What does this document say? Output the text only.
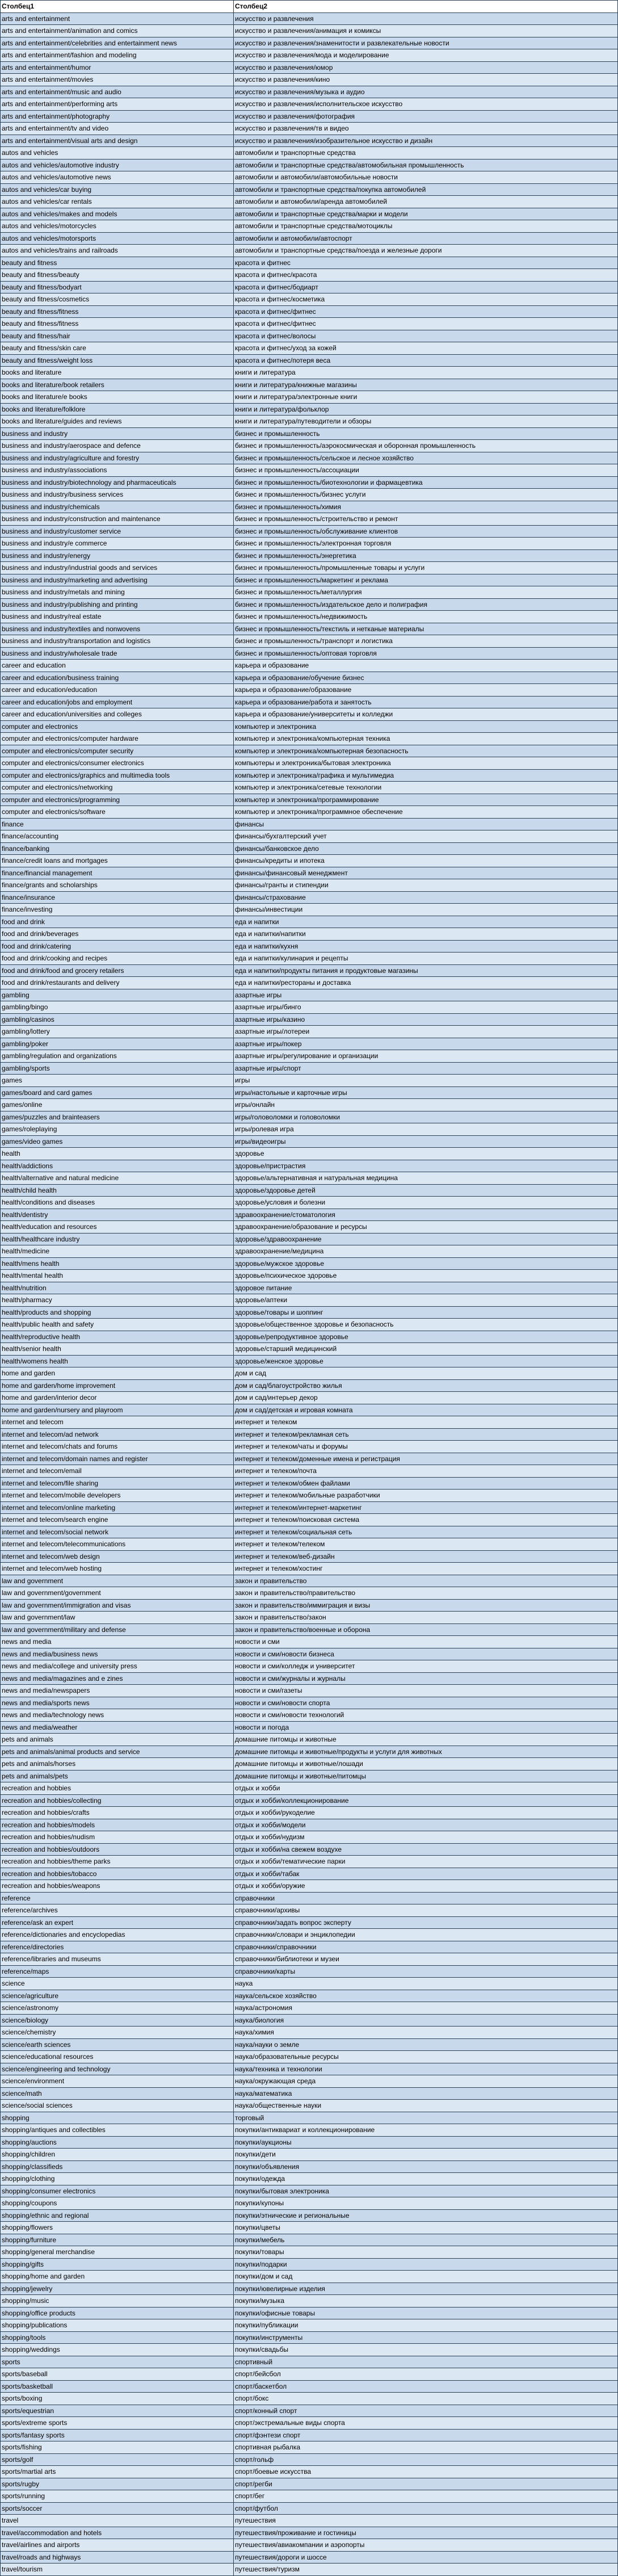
Столбец1	Столбец2
arts and entertainment	искусство и развлечения
arts and entertainment/animation and comics	искусство и развлечения/анимация и комиксы
arts and entertainment/celebrities and entertainment news	искусство и развлечения/знаменитости и развлекательные новости
arts and entertainment/fashion and modeling	искусство и развлечения/мода и моделирование
arts and entertainment/humor	искусство и развлечения/юмор
arts and entertainment/movies	искусство и развлечения/кино
arts and entertainment/music and audio	искусство и развлечения/музыка и аудио
arts and entertainment/performing arts	искусство и развлечения/исполнительское искусство
arts and entertainment/photography	искусство и развлечения/фотография
arts and entertainment/tv and video	искусство и развлечения/тв и видео
arts and entertainment/visual arts and design	искусство и развлечения/изобразительное искусство и дизайн
autos and vehicles	автомобили и транспортные средства
autos and vehicles/automotive industry	автомобили и транспортные средства/автомобильная промышленность
autos and vehicles/automotive news	автомобили и автомобили/автомобильные новости
autos and vehicles/car buying	автомобили и транспортные средства/покупка автомобилей
autos and vehicles/car rentals	автомобили и автомобили/аренда автомобилей
autos and vehicles/makes and models	автомобили и транспортные средства/марки и модели
autos and vehicles/motorcycles	автомобили и транспортные средства/мотоциклы
autos and vehicles/motorsports	автомобили и автомобили/автоспорт
autos and vehicles/trains and railroads	автомобили и транспортные средства/поезда и железные дороги
beauty and fitness	красота и фитнес
beauty and fitness/beauty	красота и фитнес/красота
beauty and fitness/bodyart	красота и фитнес/бодиарт
beauty and fitness/cosmetics	красота и фитнес/косметика
beauty and fitness/fitness	красота и фитнес/фитнес
beauty and fitness/fitness	красота и фитнес/фитнес
beauty and fitness/hair	красота и фитнес/волосы
beauty and fitness/skin care	красота и фитнес/уход за кожей
beauty and fitness/weight loss	красота и фитнес/потеря веса
books and literature	книги и литература
books and literature/book retailers	книги и литература/книжные магазины
books and literature/e books	книги и литература/электронные книги
books and literature/folklore	книги и литература/фольклор
books and literature/guides and reviews	книги и литература/путеводители и обзоры
business and industry	бизнес и промышленность
business and industry/aerospace and defence	бизнес и промышленность/аэрокосмическая и оборонная промышленность
business and industry/agriculture and forestry	бизнес и промышленность/сельское и лесное хозяйство
business and industry/associations	бизнес и промышленность/ассоциации
business and industry/biotechnology and pharmaceuticals	бизнес и промышленность/биотехнологии и фармацевтика
business and industry/business services	бизнес и промышленность/бизнес услуги
business and industry/chemicals	бизнес и промышленность/химия
business and industry/construction and maintenance	бизнес и промышленность/строительство и ремонт
business and industry/customer service	бизнес и промышленность/обслуживание клиентов
business and industry/e commerce	бизнес и промышленность/электронная торговля
business and industry/energy	бизнес и промышленность/энергетика
business and industry/industrial goods and services	бизнес и промышленность/промышленные товары и услуги
business and industry/marketing and advertising	бизнес и промышленность/маркетинг и реклама
business and industry/metals and mining	бизнес и промышленность/металлургия
business and industry/publishing and printing	бизнес и промышленность/издательское дело и полиграфия
business and industry/real estate	бизнес и промышленность/недвижимость
business and industry/textiles and nonwovens	бизнес и промышленность/текстиль и нетканые материалы
business and industry/transportation and logistics	бизнес и промышленность/транспорт и логистика
business and industry/wholesale trade	бизнес и промышленность/оптовая торговля
career and education	карьера и образование
career and education/business training	карьера и образование/обучение бизнес
career and education/education	карьера и образование/образование
career and education/jobs and employment	карьера и образование/работа и занятость
career and education/universities and colleges	карьера и образование/университеты и колледжи
computer and electronics	компьютер и электроника
computer and electronics/computer hardware	компьютер и электроника/компьютерная техника
computer and electronics/computer security	компьютер и электроника/компьютерная безопасность
computer and electronics/consumer electronics	компьютеры и электроника/бытовая электроника
computer and electronics/graphics and multimedia tools	компьютер и электроника/графика и мультимедиа
computer and electronics/networking	компьютер и электроника/сетевые технологии
computer and electronics/programming	компьютер и электроника/программирование
computer and electronics/software	компьютер и электроника/программное обеспечение
finance	финансы
finance/accounting	финансы/бухгалтерский учет
finance/banking	финансы/банковское дело
finance/credit loans and mortgages	финансы/кредиты и ипотека
finance/financial management	финансы/финансовый менеджмент
finance/grants and scholarships	финансы/гранты и стипендии
finance/insurance	финансы/страхование
finance/investing	финансы/инвестиции
food and drink	еда и напитки
food and drink/beverages	еда и напитки/напитки
food and drink/catering	еда и напитки/кухня
food and drink/cooking and recipes	еда и напитки/кулинария и рецепты
food and drink/food and grocery retailers	еда и напитки/продукты питания и продуктовые магазины
food and drink/restaurants and delivery	еда и напитки/рестораны и доставка
gambling	азартные игры
gambling/bingo	азартные игры/бинго
gambling/casinos	азартные игры/казино
gambling/lottery	азартные игры/лотереи
gambling/poker	азартные игры/покер
gambling/regulation and organizations	азартные игры/регулирование и организации
gambling/sports	азартные игры/спорт
games	игры
games/board and card games	игры/настольные и карточные игры
games/online	игры/онлайн
games/puzzles and brainteasers	игры/головоломки и головоломки
games/roleplaying	игры/ролевая игра
games/video games	игры/видеоигры
health	здоровье
health/addictions	здоровье/пристрастия
health/alternative and natural medicine	здоровье/альтернативная и натуральная медицина
health/child health	здоровье/здоровье детей
health/conditions and diseases	здоровье/условия и болезни
health/dentistry	здравоохранение/стоматология
health/education and resources	здравоохранение/образование и ресурсы
health/healthcare industry	здоровье/здравоохранение
health/medicine	здравоохранение/медицина
health/mens health	здоровье/мужское здоровье
health/mental health	здоровье/психическое здоровье
health/nutrition	здоровое питание
health/pharmacy	здоровье/аптеки
health/products and shopping	здоровье/товары и шоппинг
health/public health and safety	здоровье/общественное здоровье и безопасность
health/reproductive health	здоровье/репродуктивное здоровье
health/senior health	здоровье/старший медицинский
health/womens health	здоровье/женское здоровье
home and garden	дом и сад
home and garden/home improvement	дом и сад/благоустройство жилья
home and garden/interior decor	дом и сад/интерьер декор
home and garden/nursery and playroom	дом и сад/детская и игровая комната
internet and telecom	интернет и телеком
internet and telecom/ad network	интернет и телеком/рекламная сеть
internet and telecom/chats and forums	интернет и телеком/чаты и форумы
internet and telecom/domain names and register	интернет и телеком/доменные имена и регистрация
internet and telecom/email	интернет и телеком/почта
internet and telecom/file sharing	интернет и телеком/обмен файлами
internet and telecom/mobile developers	интернет и телеком/мобильные разработчики
internet and telecom/online marketing	интернет и телеком/интернет-маркетинг
internet and telecom/search engine	интернет и телеком/поисковая система
internet and telecom/social network	интернет и телеком/социальная сеть
internet and telecom/telecommunications	интернет и телеком/телеком
internet and telecom/web design	интернет и телеком/веб-дизайн
internet and telecom/web hosting	интернет и телеком/хостинг
law and government	закон и правительство
law and government/government	закон и правительство/правительство
law and government/immigration and visas	закон и правительство/иммиграция и визы
law and government/law	закон и правительство/закон
law and government/military and defense	закон и правительство/военные и оборона
news and media	новости и сми
news and media/business news	новости и сми/новости бизнеса
news and media/college and university press	новости и сми/колледж и университет
news and media/magazines and e zines	новости и сми/журналы и журналы
news and media/newspapers	новости и сми/газеты
news and media/sports news	новости и сми/новости спорта
news and media/technology news	новости и сми/новости технологий
news and media/weather	новости и погода
pets and animals	домашние питомцы и животные
pets and animals/animal products and service	домашние питомцы и животные/продукты и услуги для животных
pets and animals/horses	домашние питомцы и животные/лошади
pets and animals/pets	домашние питомцы и животные/питомцы
recreation and hobbies	отдых и хобби
recreation and hobbies/collecting	отдых и хобби/коллекционирование
recreation and hobbies/crafts	отдых и хобби/рукоделие
recreation and hobbies/models	отдых и хобби/модели
recreation and hobbies/nudism	отдых и хобби/нудизм
recreation and hobbies/outdoors	отдых и хобби/на свежем воздухе
recreation and hobbies/theme parks	отдых и хобби/тематические парки
recreation and hobbies/tobacco	отдых и хобби/табак
recreation and hobbies/weapons	отдых и хобби/оружие
reference	справочники
reference/archives	справочники/архивы
reference/ask an expert	справочники/задать вопрос эксперту
reference/dictionaries and encyclopedias	справочники/словари и энциклопедии
reference/directories	справочники/справочники
reference/libraries and museums	справочники/библиотеки и музеи
reference/maps	справочники/карты
science	наука
science/agriculture	наука/сельское хозяйство
science/astronomy	наука/астрономия
science/biology	наука/биология
science/chemistry	наука/химия
science/earth sciences	наука/науки о земле
science/educational resources	наука/образовательные ресурсы
science/engineering and technology	наука/техника и технологии
science/environment	наука/окружающая среда
science/math	наука/математика
science/social sciences	наука/общественные науки
shopping	торговый
shopping/antiques and collectibles	покупки/антиквариат и коллекционирование
shopping/auctions	покупки/аукционы
shopping/children	покупки/дети
shopping/classifieds	покупки/объявления
shopping/clothing	покупки/одежда
shopping/consumer electronics	покупки/бытовая электроника
shopping/coupons	покупки/купоны
shopping/ethnic and regional	покупки/этнические и региональные
shopping/flowers	покупки/цветы
shopping/furniture	покупки/мебель
shopping/general merchandise	покупки/товары
shopping/gifts	покупки/подарки
shopping/home and garden	покупки/дом и сад
shopping/jewelry	покупки/ювелирные изделия
shopping/music	покупки/музыка
shopping/office products	покупки/офисные товары
shopping/publications	покупки/публикации
shopping/tools	покупки/инструменты
shopping/weddings	покупки/свадьбы
sports	спортивный
sports/baseball	спорт/бейсбол
sports/basketball	спорт/баскетбол
sports/boxing	спорт/бокс
sports/equestrian	спорт/конный спорт
sports/extreme sports	спорт/экстремальные виды спорта
sports/fantasy sports	спорт/фэнтези спорт
sports/fishing	спортивная рыбалка
sports/golf	спорт/гольф
sports/martial arts	спорт/боевые искусства
sports/rugby	спорт/регби
sports/running	спорт/бег
sports/soccer	спорт/футбол
travel	путешествия
travel/accommodation and hotels	путешествия/проживание и гостиницы
travel/airlines and airports	путешествия/авиакомпании и аэропорты
travel/roads and highways	путешествия/дороги и шоссе
travel/tourism	путешествия/туризм
